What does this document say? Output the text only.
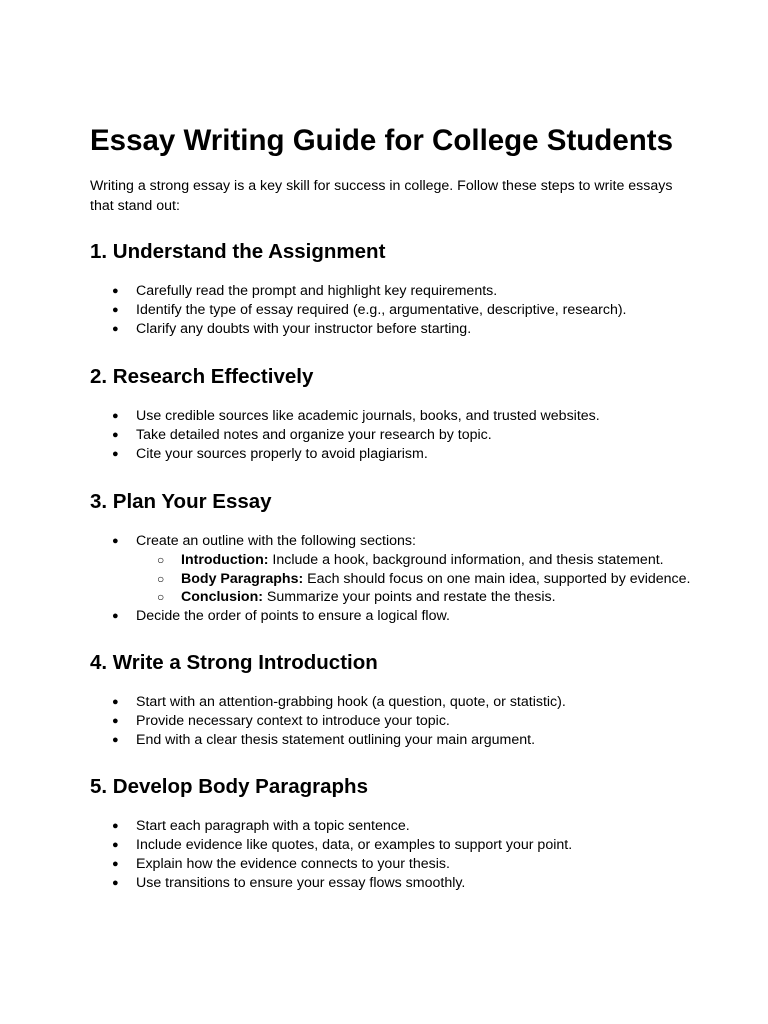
Essay Writing Guide for College Students

Writing a strong essay is a key skill for success in college. Follow these steps to write essays that stand out:

1. Understand the Assignment
● Carefully read the prompt and highlight key requirements.
● Identify the type of essay required (e.g., argumentative, descriptive, research).
● Clarify any doubts with your instructor before starting.
2. Research Effectively
● Use credible sources like academic journals, books, and trusted websites.
● Take detailed notes and organize your research by topic.
● Cite your sources properly to avoid plagiarism.
3. Plan Your Essay
● Create an outline with the following sections:
○ Introduction: Include a hook, background information, and thesis statement.
○ Body Paragraphs: Each should focus on one main idea, supported by evidence.
○ Conclusion: Summarize your points and restate the thesis.
● Decide the order of points to ensure a logical flow.
4. Write a Strong Introduction
● Start with an attention-grabbing hook (a question, quote, or statistic).
● Provide necessary context to introduce your topic.
● End with a clear thesis statement outlining your main argument.
5. Develop Body Paragraphs
● Start each paragraph with a topic sentence.
● Include evidence like quotes, data, or examples to support your point.
● Explain how the evidence connects to your thesis.
● Use transitions to ensure your essay flows smoothly.
